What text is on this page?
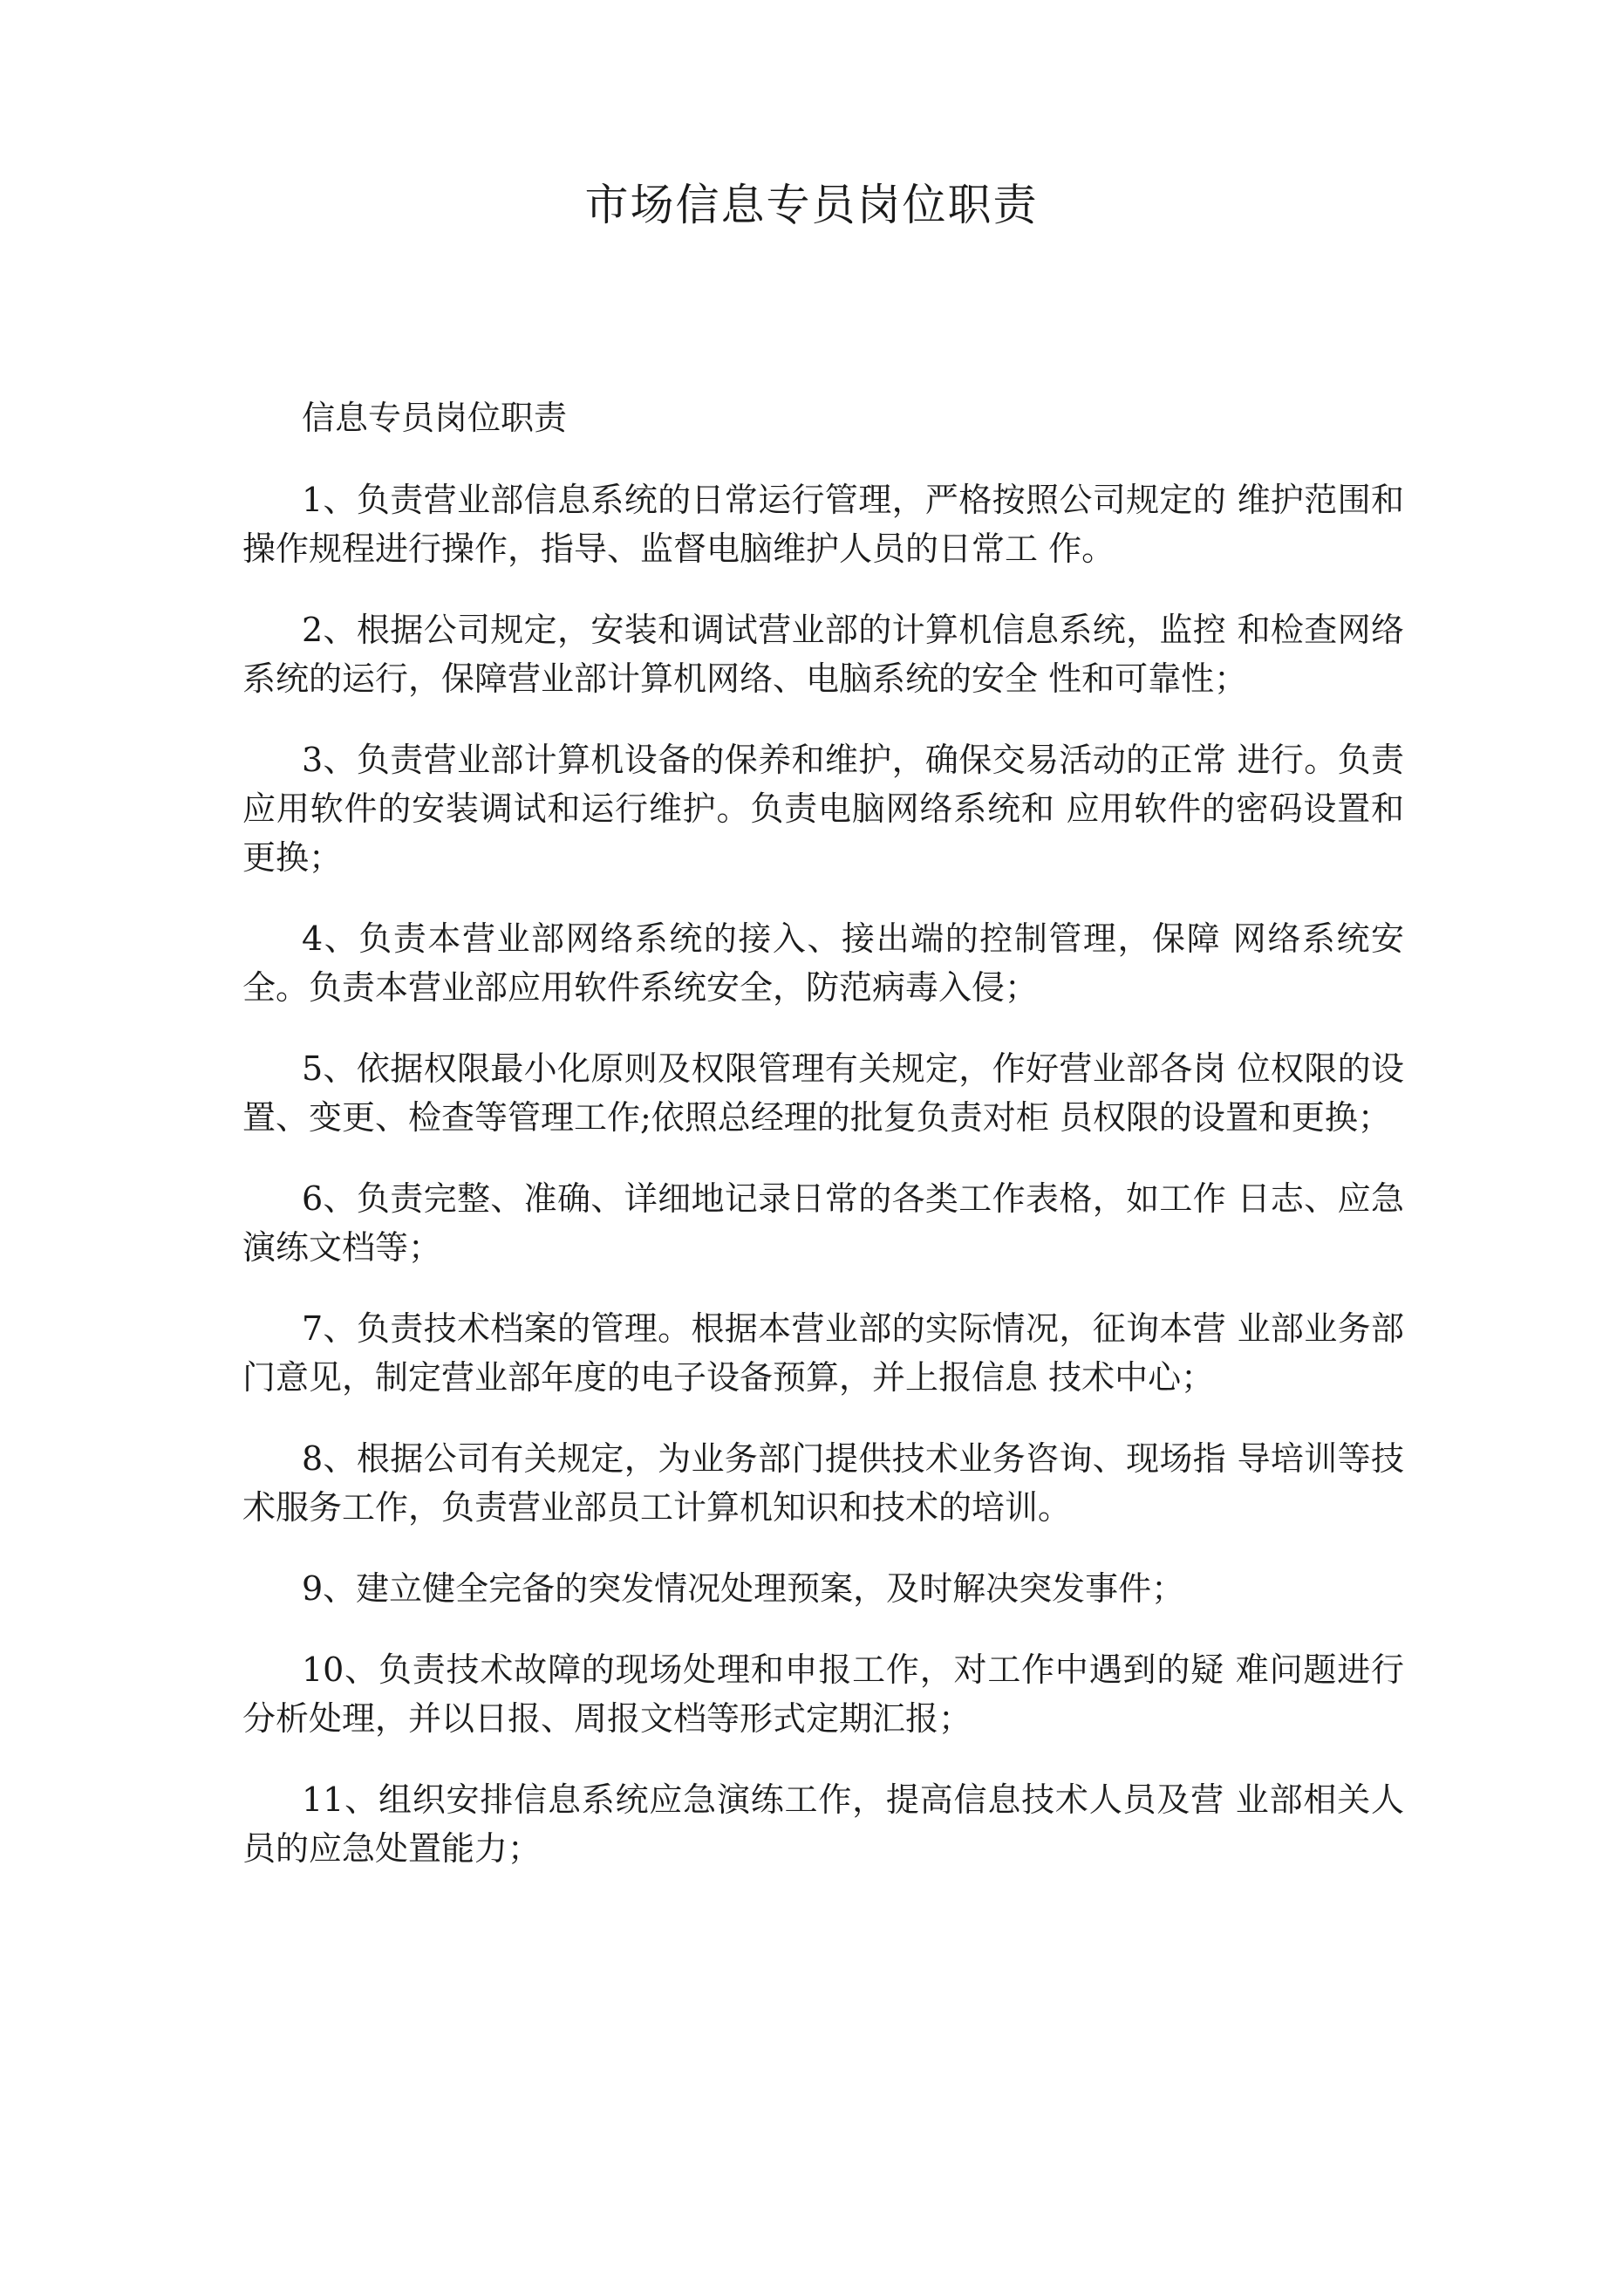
市场信息专员岗位职责

信息专员岗位职责

1、负责营业部信息系统的日常运行管理，严格按照公司规定的 维护范围和操作规程进行操作，指导、监督电脑维护人员的日常工 作。

2、根据公司规定，安装和调试营业部的计算机信息系统，监控 和检查网络系统的运行，保障营业部计算机网络、电脑系统的安全 性和可靠性；

3、负责营业部计算机设备的保养和维护，确保交易活动的正常 进行。负责应用软件的安装调试和运行维护。负责电脑网络系统和 应用软件的密码设置和更换；

4、负责本营业部网络系统的接入、接出端的控制管理，保障 网络系统安全。负责本营业部应用软件系统安全，防范病毒入侵；

5、依据权限最小化原则及权限管理有关规定，作好营业部各岗 位权限的设置、变更、检查等管理工作;依照总经理的批复负责对柜 员权限的设置和更换；

6、负责完整、准确、详细地记录日常的各类工作表格，如工作 日志、应急演练文档等；

7、负责技术档案的管理。根据本营业部的实际情况，征询本营 业部业务部门意见，制定营业部年度的电子设备预算，并上报信息 技术中心；

8、根据公司有关规定，为业务部门提供技术业务咨询、现场指 导培训等技术服务工作，负责营业部员工计算机知识和技术的培训。

9、建立健全完备的突发情况处理预案，及时解决突发事件；

10、负责技术故障的现场处理和申报工作，对工作中遇到的疑 难问题进行分析处理，并以日报、周报文档等形式定期汇报；

11、组织安排信息系统应急演练工作，提高信息技术人员及营 业部相关人员的应急处置能力；
